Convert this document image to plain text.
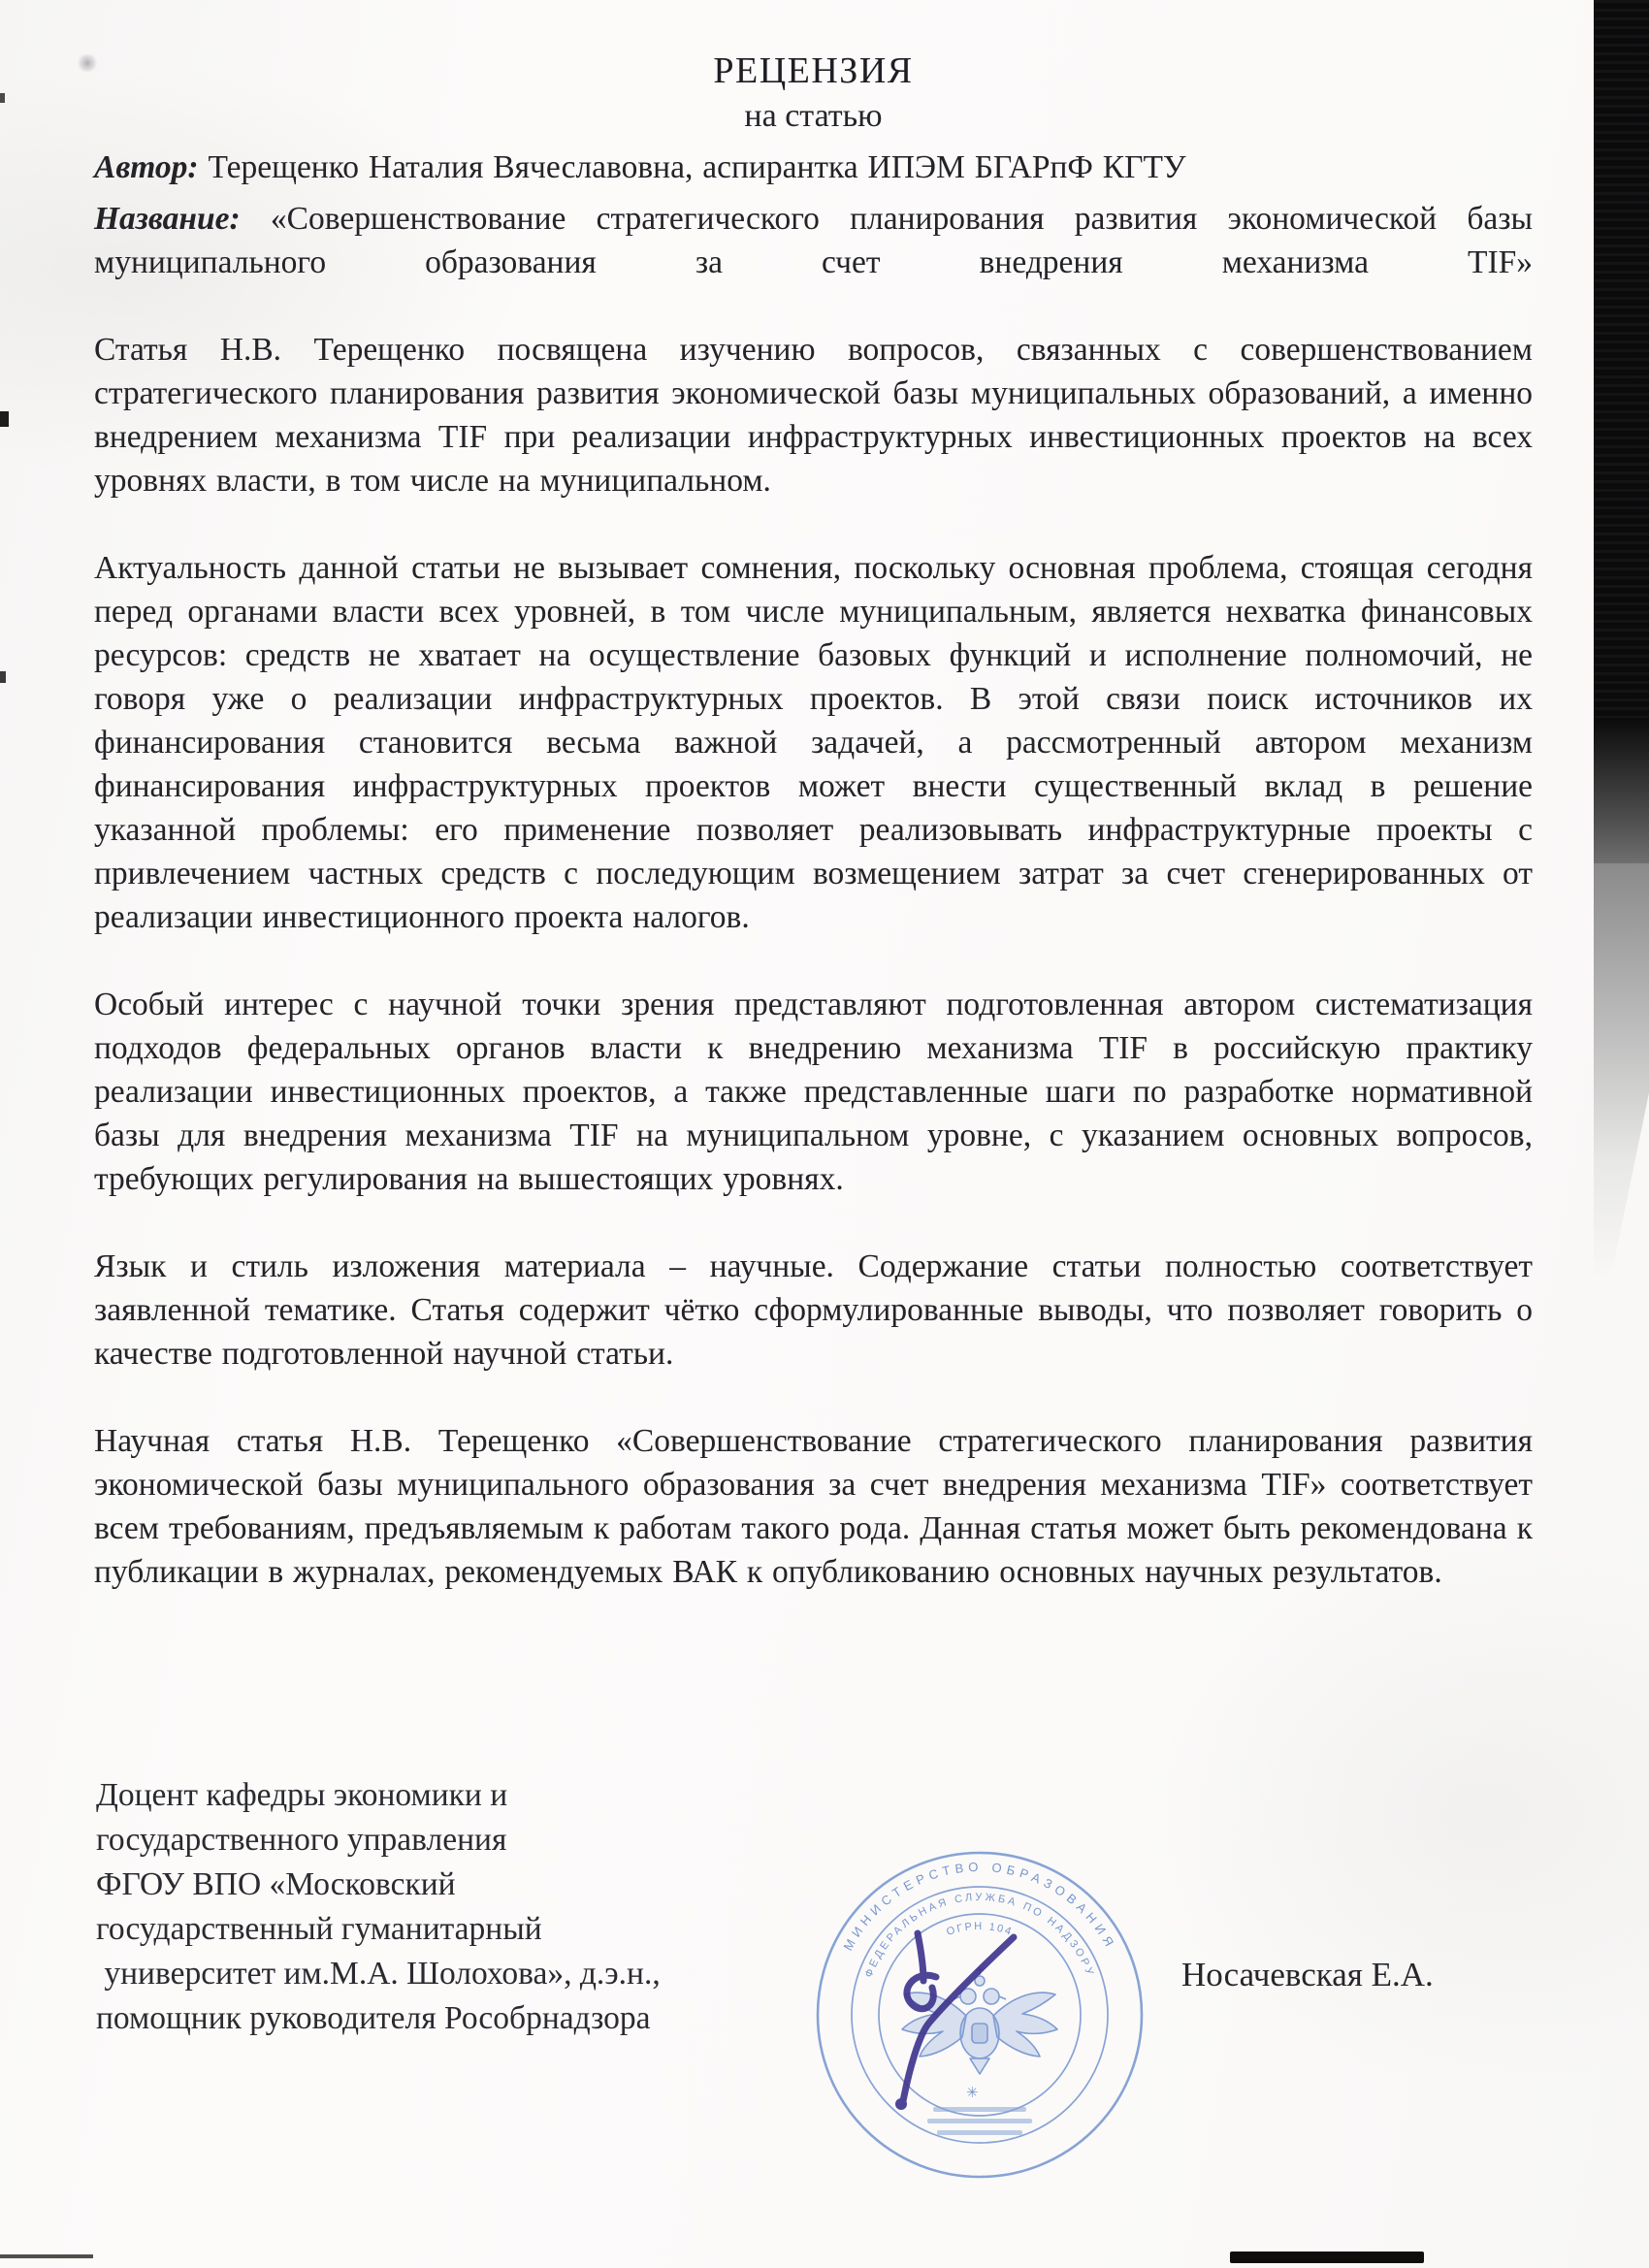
РЕЦЕНЗИЯ
на статью

Автор: Терещенко Наталия Вячеславовна, аспирантка ИПЭМ БГАРпФ КГТУ

Название: «Совершенствование стратегического планирования развития экономической базы муниципального образования за счет внедрения механизма TIF»

Статья Н.В. Терещенко посвящена изучению вопросов, связанных с совершенствованием стратегического планирования развития экономической базы муниципальных образований, а именно внедрением механизма TIF при реализации инфраструктурных инвестиционных проектов на всех уровнях власти, в том числе на муниципальном.

Актуальность данной статьи не вызывает сомнения, поскольку основная проблема, стоящая сегодня перед органами власти всех уровней, в том числе муниципальным, является нехватка финансовых ресурсов: средств не хватает на осуществление базовых функций и исполнение полномочий, не говоря уже о реализации инфраструктурных проектов. В этой связи поиск источников их финансирования становится весьма важной задачей, а рассмотренный автором механизм финансирования инфраструктурных проектов может внести существенный вклад в решение указанной проблемы: его применение позволяет реализовывать инфраструктурные проекты с привлечением частных средств с последующим возмещением затрат за счет сгенерированных от реализации инвестиционного проекта налогов.

Особый интерес с научной точки зрения представляют подготовленная автором систематизация подходов федеральных органов власти к внедрению механизма TIF в российскую практику реализации инвестиционных проектов, а также представленные шаги по разработке нормативной базы для внедрения механизма TIF на муниципальном уровне, с указанием основных вопросов, требующих регулирования на вышестоящих уровнях.

Язык и стиль изложения материала – научные. Содержание статьи полностью соответствует заявленной тематике. Статья содержит чётко сформулированные выводы, что позволяет говорить о качестве подготовленной научной статьи.

Научная статья Н.В. Терещенко «Совершенствование стратегического планирования развития экономической базы муниципального образования за счет внедрения механизма TIF» соответствует всем требованиям, предъявляемым к работам такого рода. Данная статья может быть рекомендована к публикации в журналах, рекомендуемых ВАК к опубликованию основных научных результатов.

Доцент кафедры экономики и
государственного управления
ФГОУ ВПО «Московский
государственный гуманитарный
университет им.М.А. Шолохова», д.э.н.,
помощник руководителя Рособрнадзора
Носачевская Е.А.
МИНИСТЕРСТВО ОБРАЗОВАНИЯ
ФЕДЕРАЛЬНАЯ СЛУЖБА ПО НАДЗОРУ
ОГРН 104
✳
